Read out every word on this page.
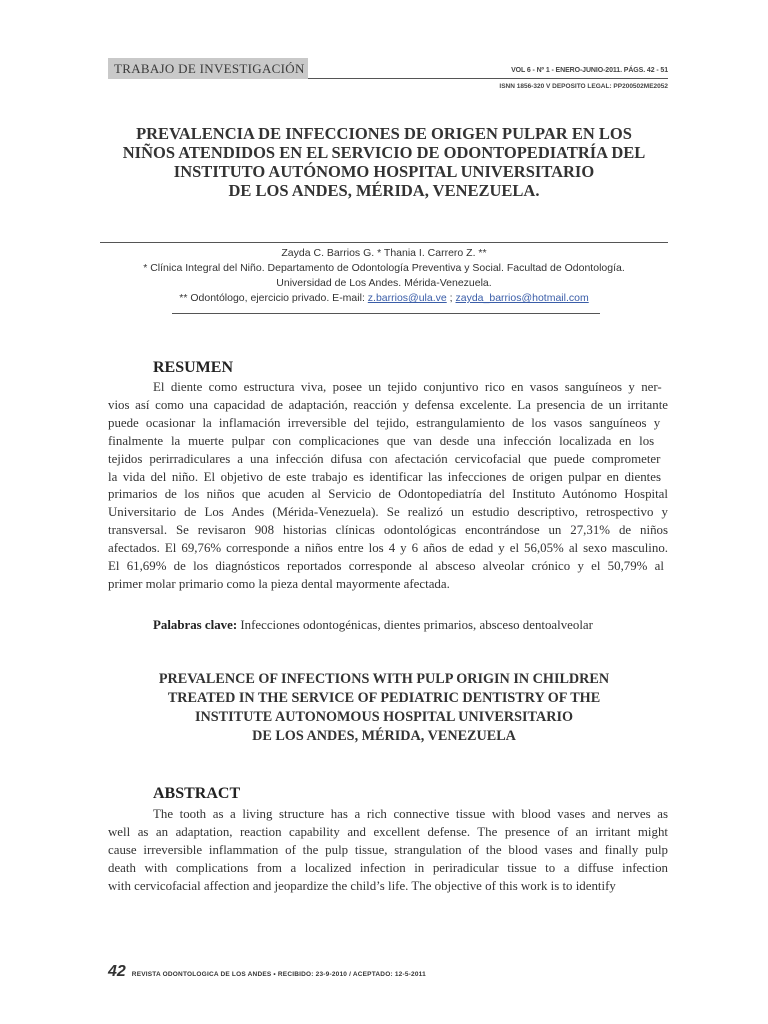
TRABAJO DE INVESTIGACIÓN	VOL 6 - Nº 1 - ENERO-JUNIO-2011. PÁGS. 42 - 51
ISNN 1856-320 V DEPOSITO LEGAL: PP200502ME2052
PREVALENCIA DE INFECCIONES DE ORIGEN PULPAR EN LOS
NIÑOS ATENDIDOS EN EL SERVICIO DE ODONTOPEDIATRÍA DEL
INSTITUTO AUTÓNOMO HOSPITAL UNIVERSITARIO
DE LOS ANDES, MÉRIDA, VENEZUELA.
Zayda C. Barrios G. * Thania I. Carrero Z. **
* Clínica Integral del Niño. Departamento de Odontología Preventiva y Social. Facultad de Odontología.
Universidad de Los Andes. Mérida-Venezuela.
** Odontólogo, ejercicio privado. E-mail: z.barrios@ula.ve ; zayda_barrios@hotmail.com
RESUMEN
El diente como estructura viva, posee un tejido conjuntivo rico en vasos sanguíneos y ner-
vios así como una capacidad de adaptación, reacción y defensa excelente. La presencia de un irritante
puede ocasionar la inflamación irreversible del tejido, estrangulamiento de los vasos sanguíneos y
finalmente la muerte pulpar con complicaciones que van desde una infección localizada en los
tejidos perirradiculares a una infección difusa con afectación cervicofacial que puede comprometer
la vida del niño. El objetivo de este trabajo es identificar las infecciones de origen pulpar en dientes
primarios de los niños que acuden al Servicio de Odontopediatría del Instituto Autónomo Hospital
Universitario de Los Andes (Mérida-Venezuela). Se realizó un estudio descriptivo, retrospectivo y
transversal. Se revisaron 908 historias clínicas odontológicas encontrándose un 27,31% de niños
afectados. El 69,76% corresponde a niños entre los 4 y 6 años de edad y el 56,05% al sexo masculino.
El 61,69% de los diagnósticos reportados corresponde al absceso alveolar crónico y el 50,79% al
primer molar primario como la pieza dental mayormente afectada.
Palabras clave: Infecciones odontogénicas, dientes primarios, absceso dentoalveolar
PREVALENCE OF INFECTIONS WITH PULP ORIGIN IN CHILDREN
TREATED IN THE SERVICE OF PEDIATRIC DENTISTRY OF THE
INSTITUTE AUTONOMOUS HOSPITAL UNIVERSITARIO
DE LOS ANDES, MÉRIDA, VENEZUELA
ABSTRACT
The tooth as a living structure has a rich connective tissue with blood vases and nerves as
well as an adaptation, reaction capability and excellent defense. The presence of an irritant might
cause irreversible inflammation of the pulp tissue, strangulation of the blood vases and finally pulp
death with complications from a localized infection in periradicular tissue to a diffuse infection
with cervicofacial affection and jeopardize the child’s life. The objective of this work is to identify
42 REVISTA ODONTOLOGICA DE LOS ANDES • RECIBIDO: 23-9-2010 / ACEPTADO: 12-5-2011
